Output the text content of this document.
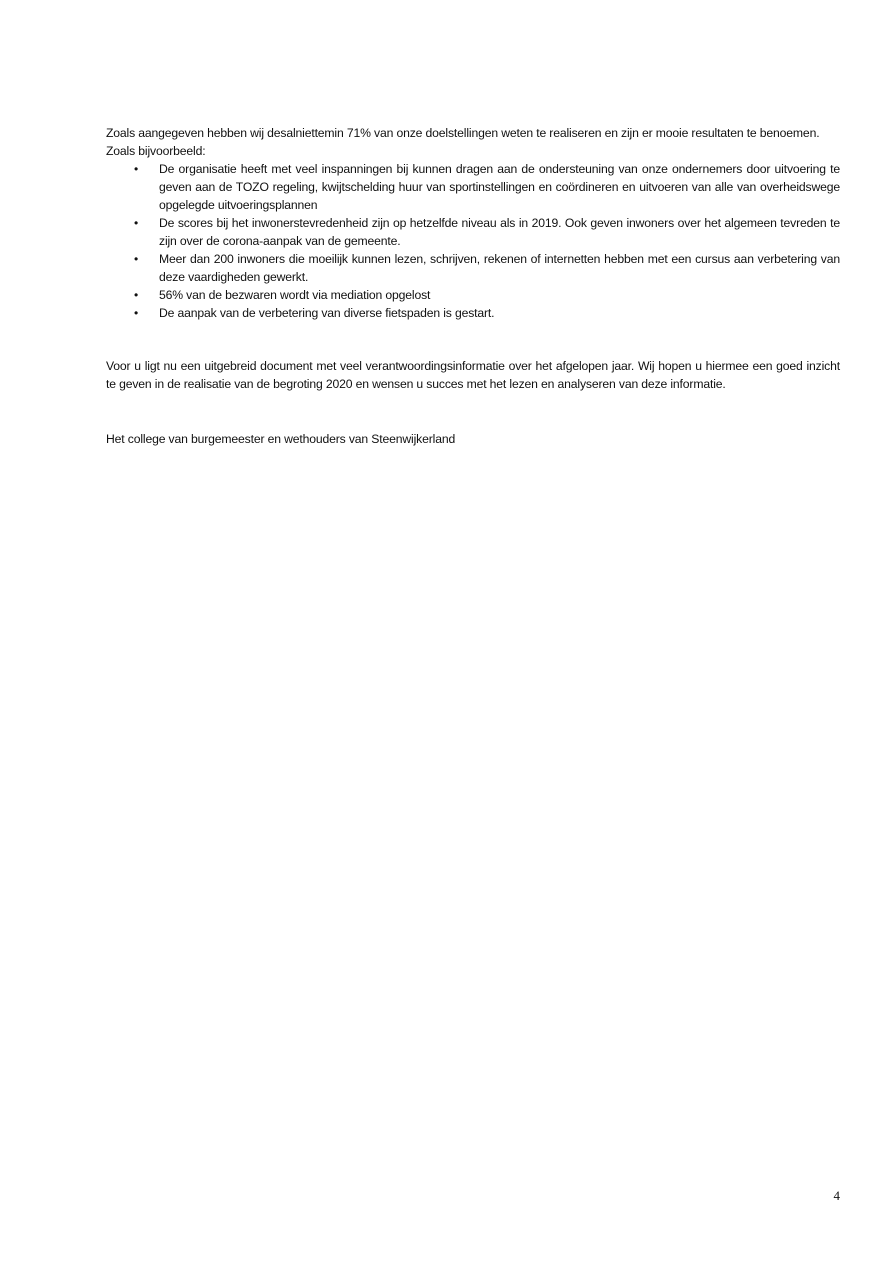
Zoals aangegeven hebben wij desalniettemin 71% van onze doelstellingen weten te realiseren en zijn er mooie resultaten te benoemen.

Zoals bijvoorbeeld:

• De organisatie heeft met veel inspanningen bij kunnen dragen aan de ondersteuning van onze ondernemers door uitvoering te geven aan de TOZO regeling, kwijtschelding huur van sportinstellingen en coördineren en uitvoeren van alle van overheidswege opgelegde uitvoeringsplannen
• De scores bij het inwonerstevredenheid zijn op hetzelfde niveau als in 2019. Ook geven inwoners over het algemeen tevreden te zijn over de corona-aanpak van de gemeente.
• Meer dan 200 inwoners die moeilijk kunnen lezen, schrijven, rekenen of internetten hebben met een cursus aan verbetering van deze vaardigheden gewerkt.
• 56% van de bezwaren wordt via mediation opgelost
• De aanpak van de verbetering van diverse fietspaden is gestart.

Voor u ligt nu een uitgebreid document met veel verantwoordingsinformatie over het afgelopen jaar. Wij hopen u hiermee een goed inzicht te geven in de realisatie van de begroting 2020 en wensen u succes met het lezen en analyseren van deze informatie.

Het college van burgemeester en wethouders van Steenwijkerland

4
